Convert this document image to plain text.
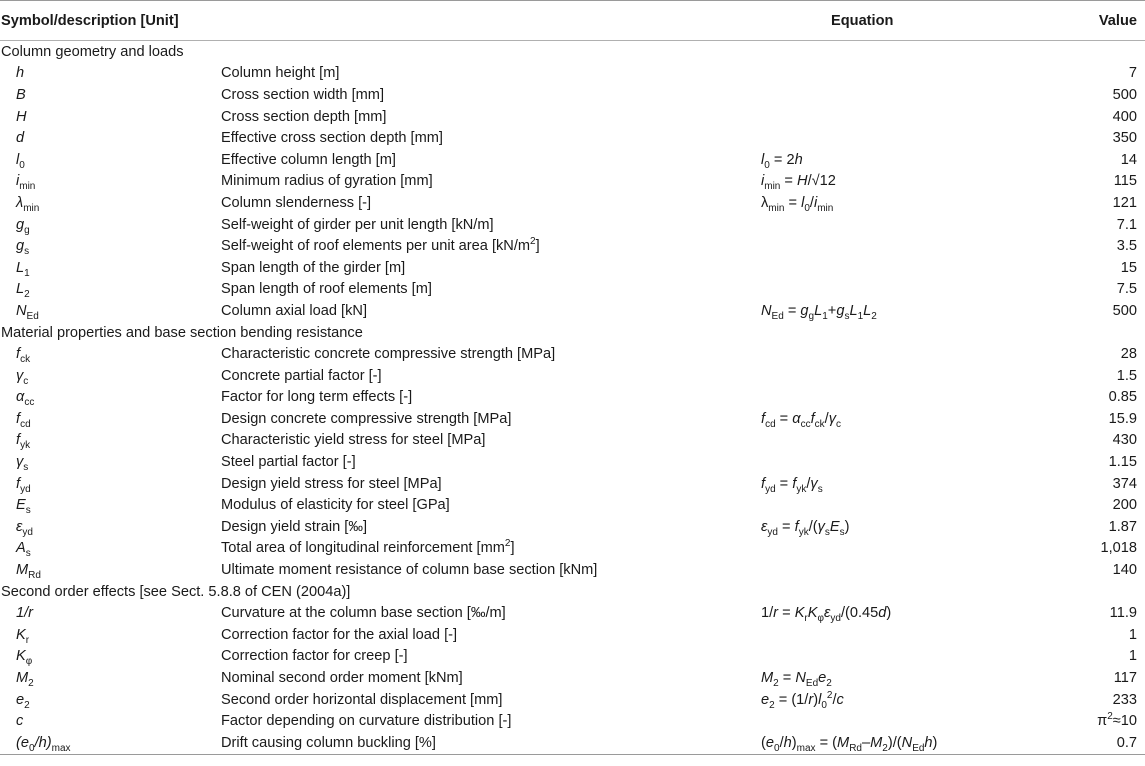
Symbol/description [Unit]		Equation	Value
Column geometry and loads			
h	Column height [m]		7
B	Cross section width [mm]		500
H	Cross section depth [mm]		400
d	Effective cross section depth [mm]		350
$l_0$	Effective column length [m]	$l_0 = 2h$	14
$i_{min}$	Minimum radius of gyration [mm]	$i_{min} = H/√12$	115
$\lambda_{min}$	Column slenderness [-]	$\lambda_{min} = l_0/i_{min}$	121
$g_g$	Self-weight of girder per unit length [kN/m]		7.1
$g_s$	Self-weight of roof elements per unit area $[kN/m^2]$		3.5
$L_1$	Span length of the girder [m]		15
$L_2$	Span length of roof elements [m]		7.5
$N_{Ed}$	Column axial load [kN]	$N_{Ed} = g_gL_1+g_sL_1L_2$	500
Material properties and base section bending resistance			
$f_{ck}$	Characteristic concrete compressive strength [MPa]		28
$\gamma_c$	Concrete partial factor [-]		1.5
$\alpha_{cc}$	Factor for long term effects [-]		0.85
$f_{cd}$	Design concrete compressive strength [MPa]	$f_{cd} = \alpha_{cc}f_{ck}/\gamma_c$	15.9
$f_{yk}$	Characteristic yield stress for steel [MPa]		430
$\gamma_s$	Steel partial factor [-]		1.15
$f_{yd}$	Design yield stress for steel [MPa]	$f_{yd} = f_{yk}/\gamma_s$	374
$E_s$	Modulus of elasticity for steel [GPa]		200
$\varepsilon_{yd}$	Design yield strain [‰]	$\varepsilon_{yd} = f_{yk}/(\gamma_sE_s)$	1.87
$A_s$	Total area of longitudinal reinforcement $[mm^2]$		1,018
$M_{Rd}$	Ultimate moment resistance of column base section [kNm]		140
Second order effects [see Sect. 5.8.8 of CEN (2004a)]			
1/r	Curvature at the column base section [‰/m]	$1/r = K_rK_\varphi\varepsilon_{yd}/(0.45d)$	11.9
$K_r$	Correction factor for the axial load [-]		1
$K_\varphi$	Correction factor for creep [-]		1
$M_2$	Nominal second order moment [kNm]	$M_2 = N_{Ed}e_2$	117
$e_2$	Second order horizontal displacement [mm]	$e_2 = (1/r)l_0^2/c$	233
c	Factor depending on curvature distribution [-]		$\pi^2\approx 10$
$(e_0/h)_{max}$	Drift causing column buckling [%]	$(e_0/h)_{max} = (M_{Rd}-M_2)/(N_{Ed}h)$	0.7
